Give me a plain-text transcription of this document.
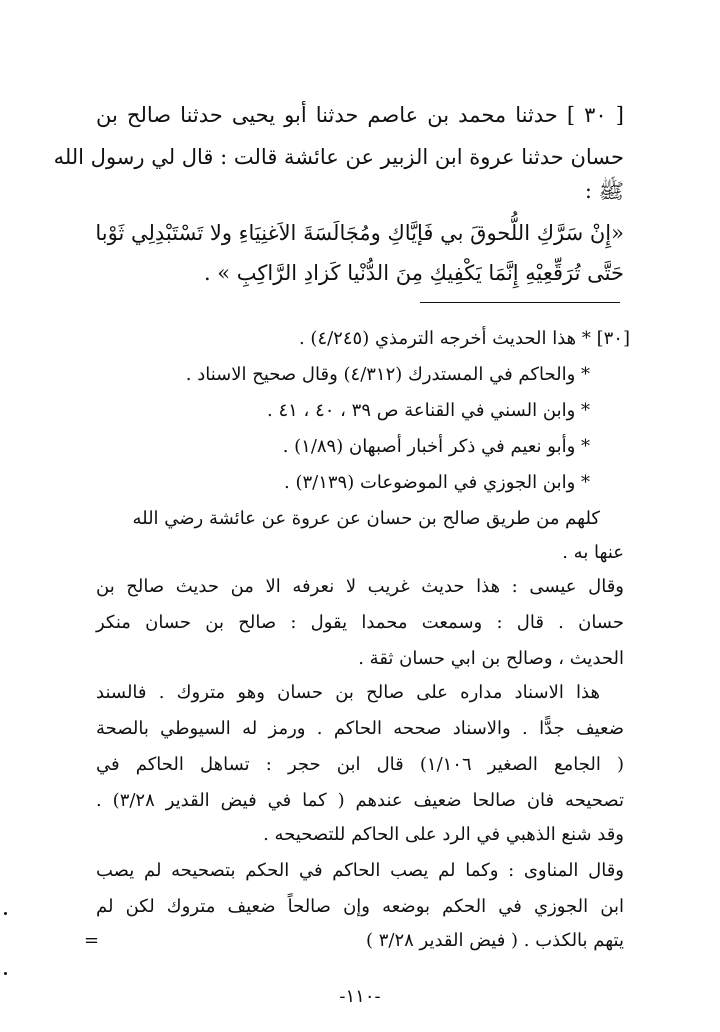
[ ٣٠ ] حدثنا محمد بن عاصم حدثنا أبو يحيى حدثنا صالح بن
حسان حدثنا عروة ابن الزبير عن عائشة قالت : قال لي رسول الله
ﷺ :
«إِنْ سَرَّكِ اللُّحوقَ بي فَإيَّاكِ ومُجَالَسَةَ الاَغنِيَاءِ ولا تَسْتَبْدِلِي ثَوْبا
حَتَّى تُرَقِّعِيْهِ إِنَّمَا يَكْفِيكِ مِنَ الدُّنْيا كَزادِ الرَّاكِبِ » .
[٣٠] * هذا الحديث أخرجه الترمذي (٤/٢٤٥) .
* والحاكم في المستدرك (٤/٣١٢) وقال صحيح الاسناد .
* وابن السني في القناعة ص ٣٩ ، ٤٠ ، ٤١ .
* وأبو نعيم في ذكر أخبار أصبهان (١/٨٩) .
* وابن الجوزي في الموضوعات (٣/١٣٩) .
كلهم من طريق صالح بن حسان عن عروة عن عائشة رضي الله
عنها به .
وقال عيسى : هذا حديث غريب لا نعرفه الا من حديث صالح بن
حسان . قال : وسمعت محمدا يقول : صالح بن حسان منكر
الحديث ، وصالح بن ابي حسان ثقة .
هذا الاسناد مداره على صالح بن حسان وهو متروك . فالسند
ضعيف جدًّا . والاسناد صححه الحاكم . ورمز له السيوطي بالصحة
( الجامع الصغير ١/١٠٦) قال ابن حجر : تساهل الحاكم في
تصحيحه فان صالحا ضعيف عندهم ( كما في فيض القدير ٣/٢٨) .
وقد شنع الذهبي في الرد على الحاكم للتصحيحه .
وقال المناوى : وكما لم يصب الحاكم في الحكم بتصحيحه لم يصب
ابن الجوزي في الحكم بوضعه وإن صالحاً ضعيف متروك لكن لم
يتهم بالكذب . ( فيض القدير ٣/٢٨ )
=
-١١٠-
